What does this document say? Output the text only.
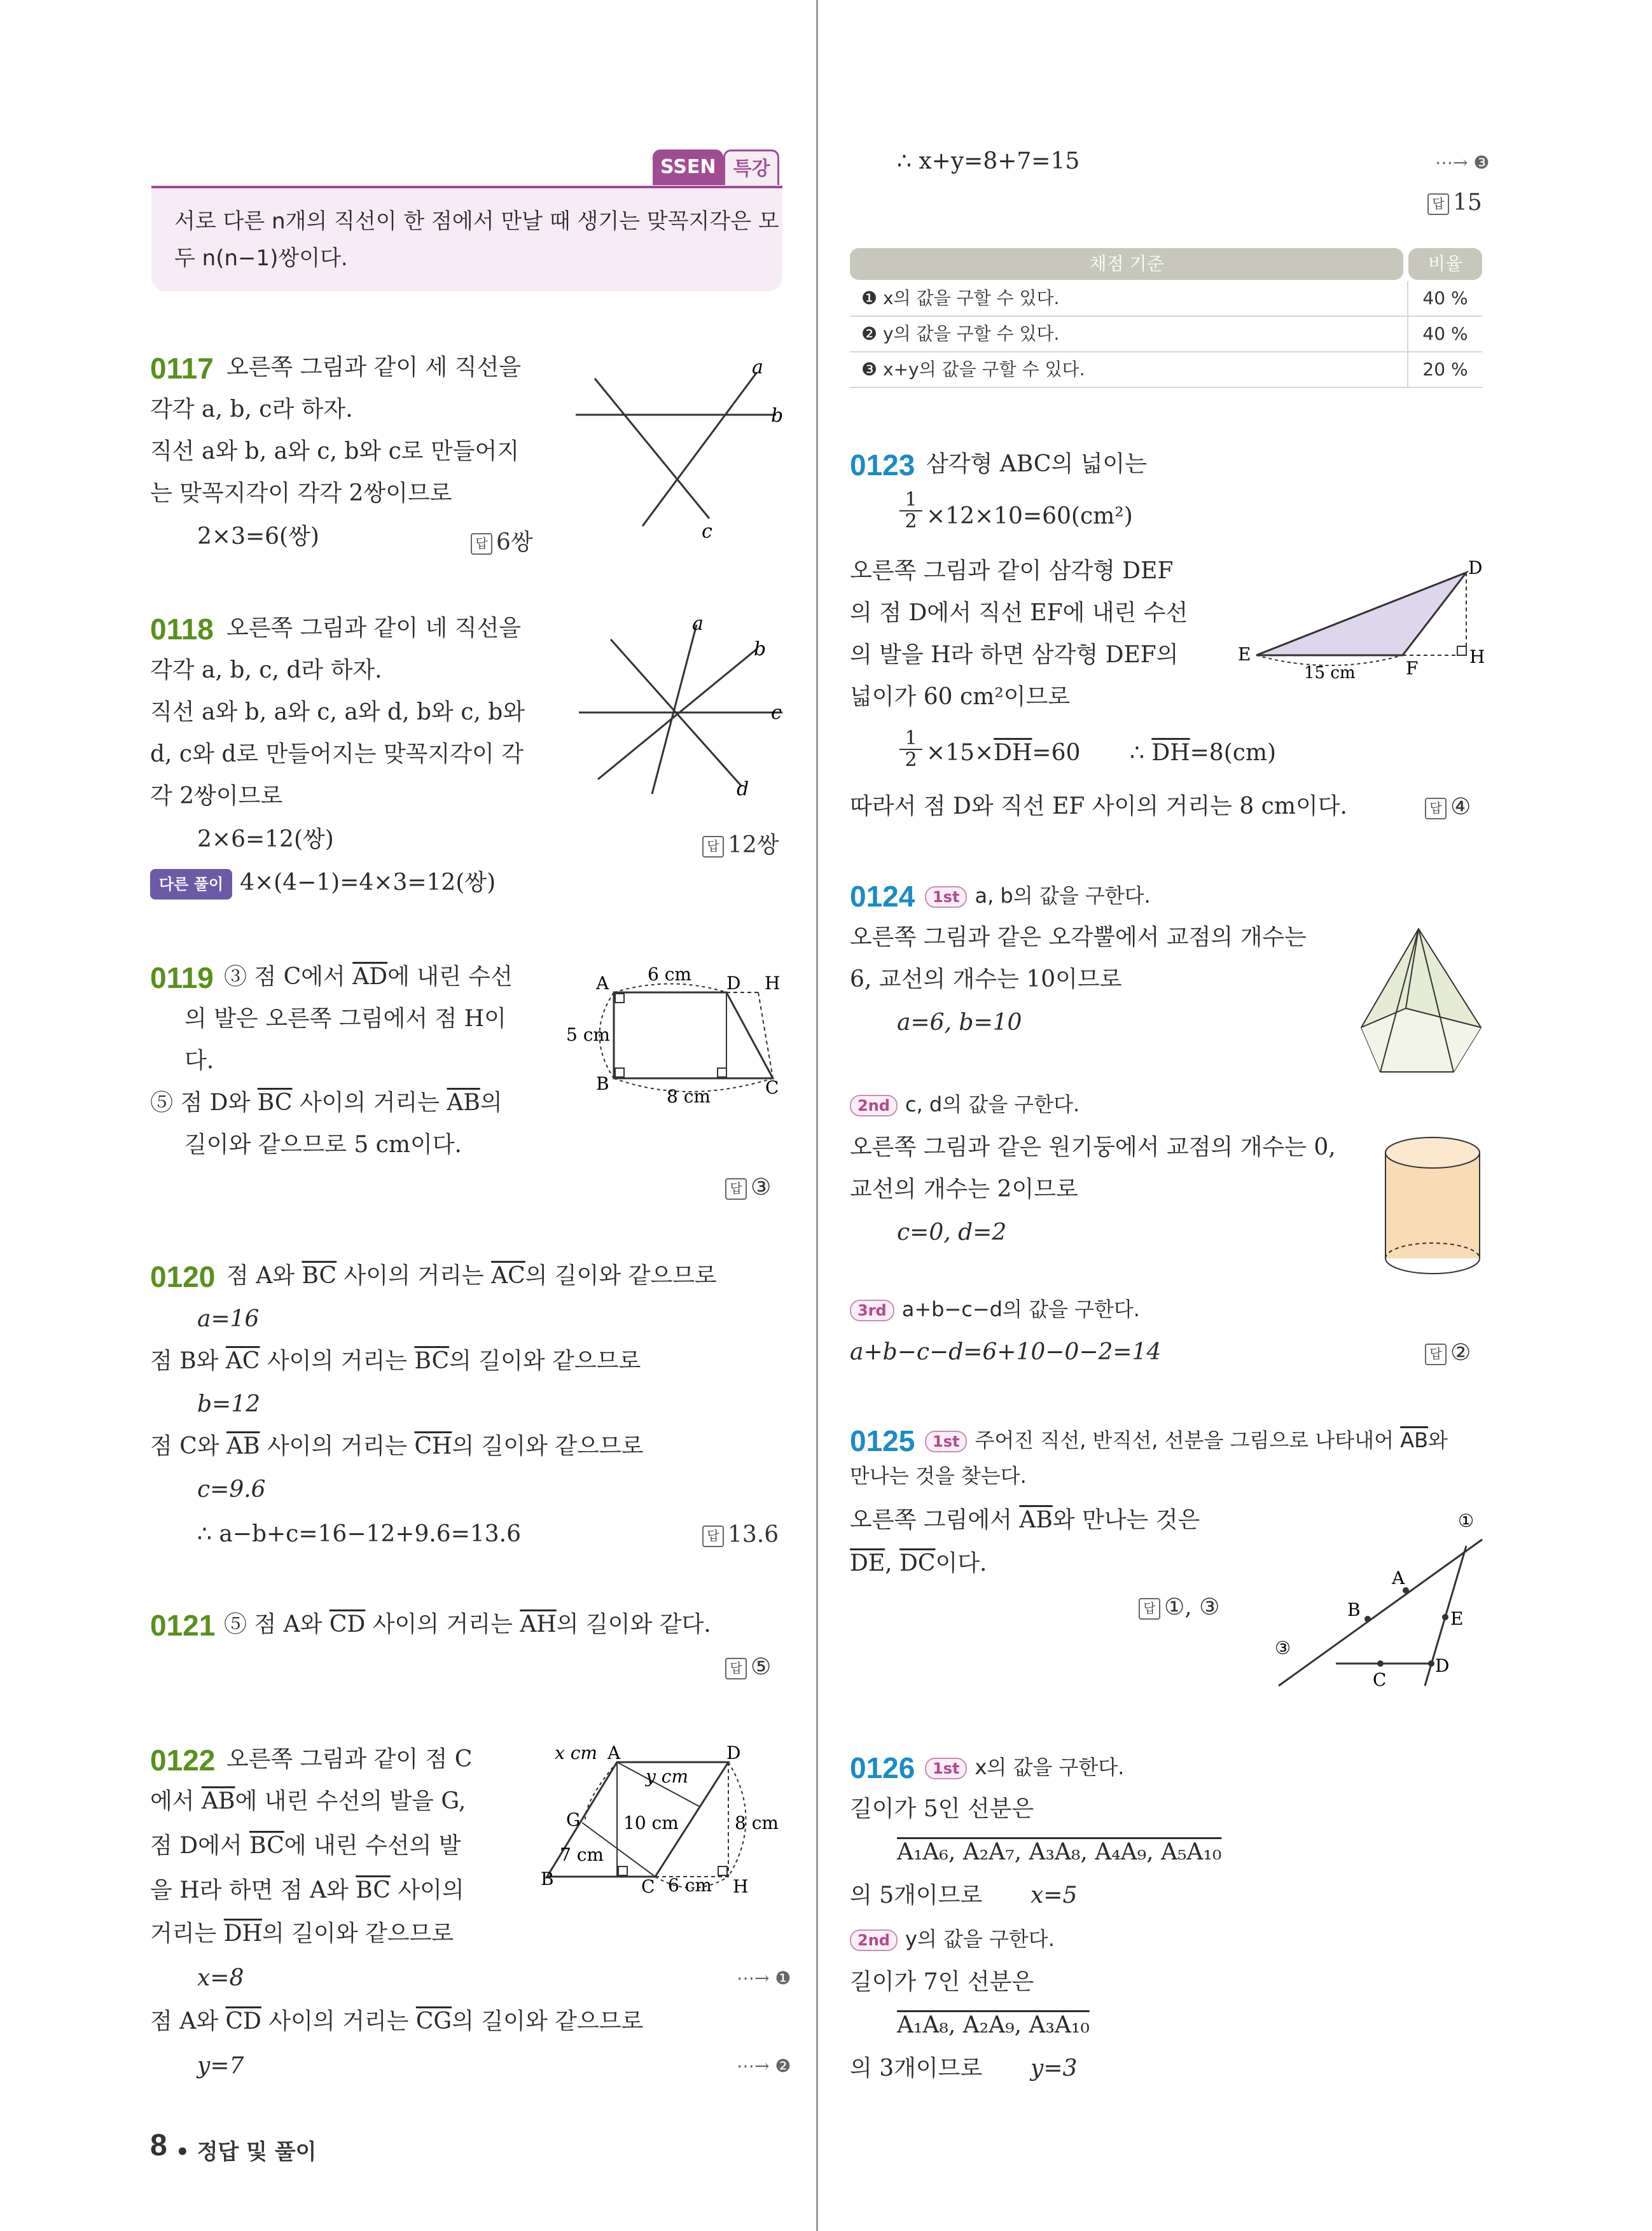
SSEN 특강
서로 다른 n개의 직선이 한 점에서 만날 때 생기는 맞꼭지각은 모
두 n(n−1)쌍이다.
0117 오른쪽 그림과 같이 세 직선을
각각 a, b, c라 하자.
직선 a와 b, a와 c, b와 c로 만들어지
는 맞꼭지각이 각각 2쌍이므로
2×3=6(쌍)	답 6쌍
a
b
c
0118 오른쪽 그림과 같이 네 직선을
각각 a, b, c, d라 하자.
직선 a와 b, a와 c, a와 d, b와 c, b와
d, c와 d로 만들어지는 맞꼭지각이 각
각 2쌍이므로
2×6=12(쌍)	답 12쌍
다른 풀이 4×(4−1)=4×3=12(쌍)
a
b
c
d
0119 ③ 점 C에서 $\overline{AD}$에 내린 수선
의 발은 오른쪽 그림에서 점 H이
다.
⑤ 점 D와 $\overline{BC}$ 사이의 거리는 $\overline{AB}$의
길이와 같으므로 5 cm이다.
답 ③
A	D H
B	C
6 cm
5 cm
8 cm
0120 점 A와 $\overline{BC}$ 사이의 거리는 $\overline{AC}$의 길이와 같으므로
a=16
점 B와 $\overline{AC}$ 사이의 거리는 $\overline{BC}$의 길이와 같으므로
b=12
점 C와 $\overline{AB}$ 사이의 거리는 $\overline{CH}$의 길이와 같으므로
c=9.6
∴ a−b+c=16−12+9.6=13.6	답 13.6
0121 ⑤ 점 A와 $\overline{CD}$ 사이의 거리는 $\overline{AH}$의 길이와 같다.
답 ⑤
0122 오른쪽 그림과 같이 점 C
에서 $\overline{AB}$에 내린 수선의 발을 G,
점 D에서 $\overline{BC}$에 내린 수선의 발
을 H라 하면 점 A와 $\overline{BC}$ 사이의
거리는 $\overline{DH}$의 길이와 같으므로
x=8	⋯→ ❶
점 A와 $\overline{CD}$ 사이의 거리는 $\overline{CG}$의 길이와 같으므로
y=7	⋯→ ❷
A	D
B	C
G
H
x cm
y cm
10 cm	8 cm
7 cm
6 cm
8 • 정답 및 풀이
∴ x+y=8+7=15	⋯→ ❸
답 15
채점 기준	비율
❶ x의 값을 구할 수 있다.	40 %
❷ y의 값을 구할 수 있다.	40 %
❸ x+y의 값을 구할 수 있다.	20 %
0123 삼각형 ABC의 넓이는
$\frac{1}{2} \times 12\times 10=60(cm^2)$
오른쪽 그림과 같이 삼각형 DEF
의 점 D에서 직선 EF에 내린 수선
의 발을 H라 하면 삼각형 DEF의
넓이가 60 cm²이므로
$\frac{1}{2} \times 15\times\overline{DH}=60$ ∴ $\overline{DH}=8(cm)$
따라서 점 D와 직선 EF 사이의 거리는 8 cm이다.	답 ④
D
E
F
H
15 cm
0124	1st a, b의 값을 구한다.
오른쪽 그림과 같은 오각뿔에서 교점의 개수는
6, 교선의 개수는 10이므로
a=6, b=10
2nd c, d의 값을 구한다.
오른쪽 그림과 같은 원기둥에서 교점의 개수는 0,
교선의 개수는 2이므로
c=0, d=2
3rd a+b−c−d의 값을 구한다.
a+b−c−d=6+10−0−2=14	답 ②
0125	1st 주어진 직선, 반직선, 선분을 그림으로 나타내어 $\overline{AB}$와
만나는 것을 찾는다.
오른쪽 그림에서 $\overline{AB}$와 만나는 것은
$\overline{DE}$, $\overline{DC}$이다.
답 ①, ③
①
③
A
B
C
D
E
0126	1st x의 값을 구한다.
길이가 5인 선분은
A₁A₆, A₂A₇, A₃A₈, A₄A₉, A₅A₁₀
의 5개이므로 x=5
2nd y의 값을 구한다.
길이가 7인 선분은
A₁A₈, A₂A₉, A₃A₁₀
의 3개이므로 y=3
